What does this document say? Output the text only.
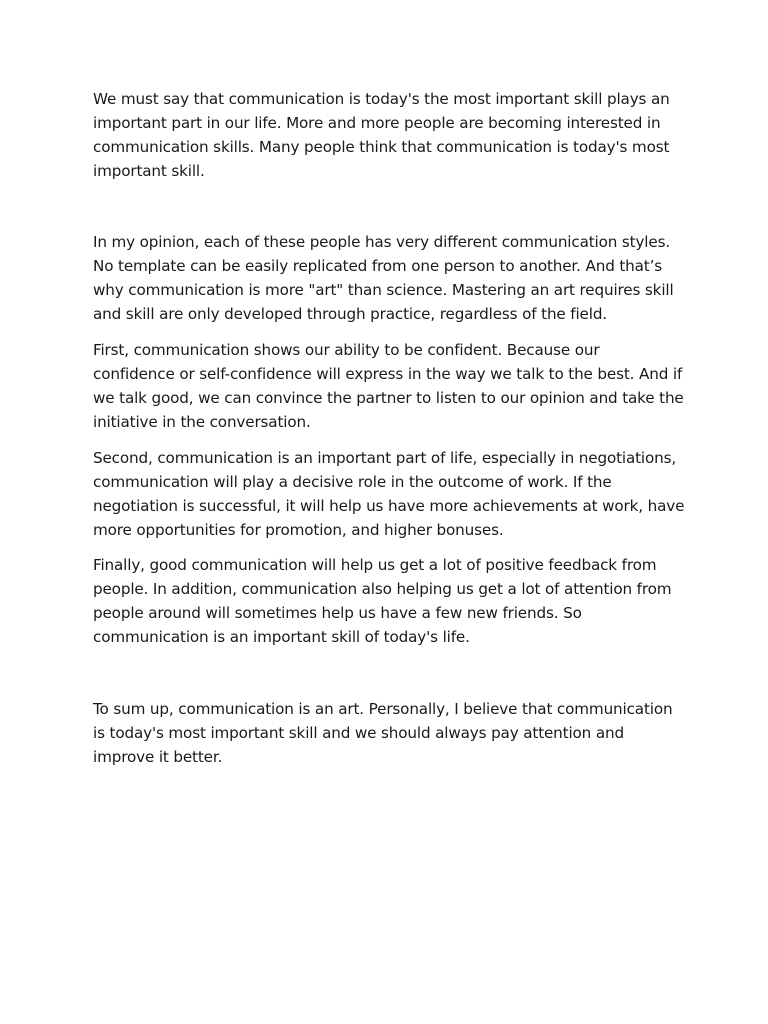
We must say that communication is today's the most important skill plays an
important part in our life. More and more people are becoming interested in
communication skills. Many people think that communication is today's most
important skill.

In my opinion, each of these people has very different communication styles.
No template can be easily replicated from one person to another. And that’s
why communication is more "art" than science. Mastering an art requires skill
and skill are only developed through practice, regardless of the field.

First, communication shows our ability to be confident. Because our
confidence or self-confidence will express in the way we talk to the best. And if
we talk good, we can convince the partner to listen to our opinion and take the
initiative in the conversation.

Second, communication is an important part of life, especially in negotiations,
communication will play a decisive role in the outcome of work. If the
negotiation is successful, it will help us have more achievements at work, have
more opportunities for promotion, and higher bonuses.

Finally, good communication will help us get a lot of positive feedback from
people. In addition, communication also helping us get a lot of attention from
people around will sometimes help us have a few new friends. So
communication is an important skill of today's life.

To sum up, communication is an art. Personally, I believe that communication
is today's most important skill and we should always pay attention and
improve it better.
